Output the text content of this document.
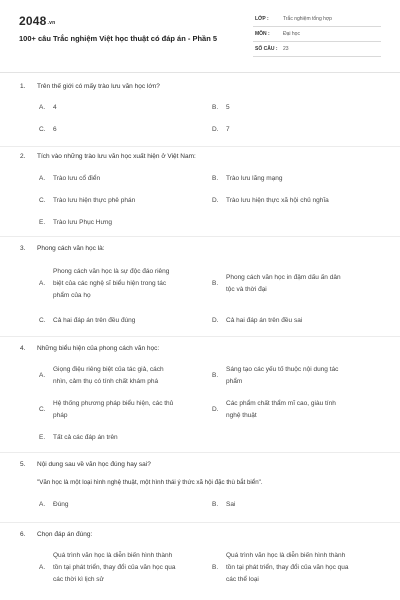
$2048^{.vn}$
100+ câu Trắc nghiệm Việt học thuật có đáp án - Phần 5
LỚP :	Trắc nghiệm tổng hợp
MÔN :	Đại học
SỐ CÂU : 23
1. Trên thế giới có mấy trào lưu văn học lớn?
A. 4	B. 5
C. 6	D. 7
2. Tích vào những trào lưu văn học xuất hiện ở Việt Nam:
A. Trào lưu cổ điển	B. Trào lưu lãng mạng
C. Trào lưu hiện thực phê phán	D. Trào lưu hiện thực xã hội chủ nghĩa
E. Trào lưu Phục Hưng
3. Phong cách văn học là:
A.
Phong cách văn học là sự độc đáo riêng
biệt của các nghệ sĩ biểu hiện trong tác
phẩm của họ
B.
Phong cách văn học in đậm dấu ấn dân
tộc và thời đại
C. Cả hai đáp án trên đều đúng	D. Cả hai đáp án trên đều sai
4. Những biểu hiện của phong cách văn học:
A.
Giọng điệu riêng biệt của tác giả, cách
nhìn, cảm thụ có tính chất khám phá
B.
Sáng tạo các yếu tố thuộc nội dung tác
phẩm
C.
Hệ thống phương pháp biểu hiện, các thủ
pháp
D.
Các phẩm chất thẩm mĩ cao, giàu tính
nghệ thuật
E. Tất cả các đáp án trên
5. Nội dung sau về văn học đúng hay sai?
"Văn học là một loại hình nghệ thuật, một hình thái ý thức xã hội đặc thù bắt biển".
A. Đúng	B. Sai
6. Chọn đáp án đúng:
A.
Quá trình văn học là diễn biến hình thành
tồn tại phát triển, thay đổi của văn học qua
các thời kì lịch sử
B.
Quá trình văn học là diễn biến hình thành
tồn tại phát triển, thay đổi của văn học qua
các thể loại
